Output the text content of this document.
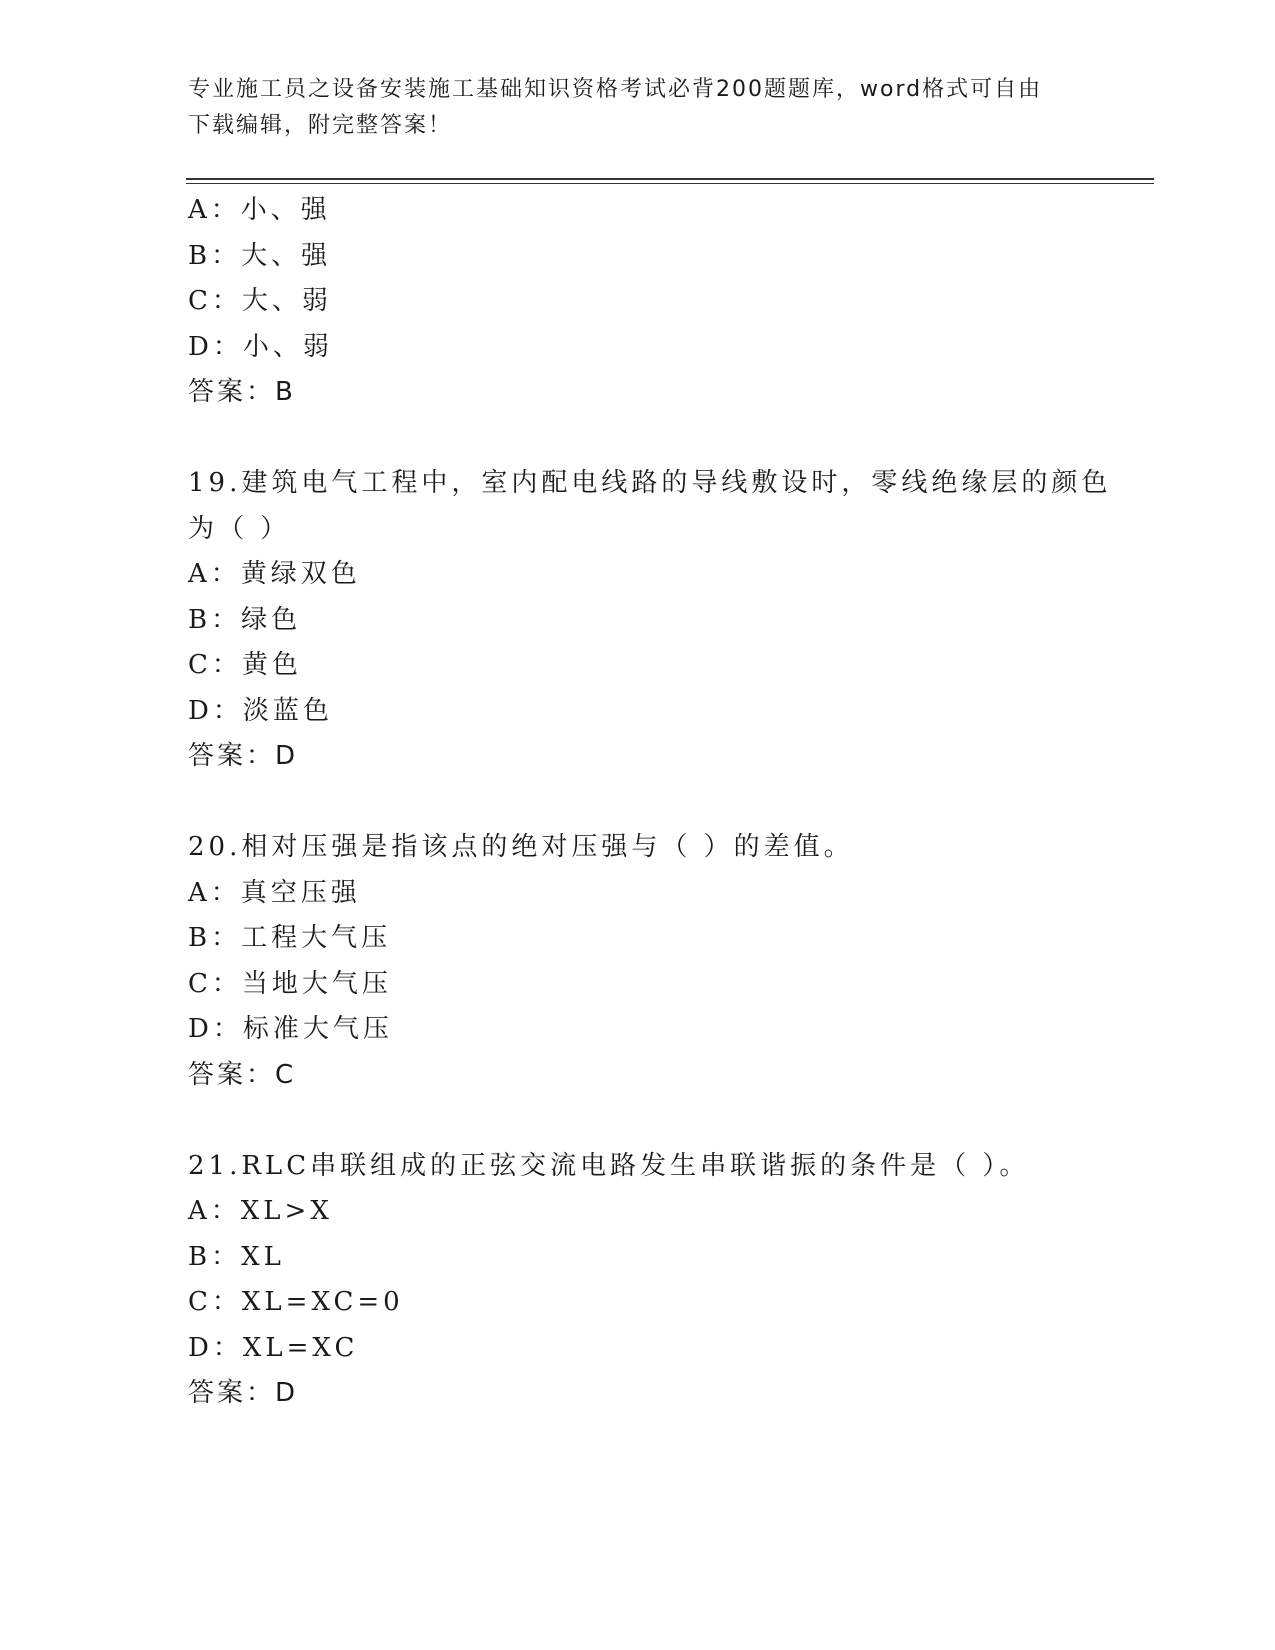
专业施工员之设备安装施工基础知识资格考试必背200题题库，word格式可自由
下载编辑，附完整答案！
A：小、强
B：大、强
C：大、弱
D：小、弱
答案：B
19.建筑电气工程中，室内配电线路的导线敷设时，零线绝缘层的颜色
为（ ）
A：黄绿双色
B：绿色
C：黄色
D：淡蓝色
答案：D
20.相对压强是指该点的绝对压强与（ ）的差值。
A：真空压强
B：工程大气压
C：当地大气压
D：标准大气压
答案：C
21.RLC串联组成的正弦交流电路发生串联谐振的条件是（ ）。
A：XL>X
B：XL
C：XL=XC=0
D：XL=XC
答案：D
